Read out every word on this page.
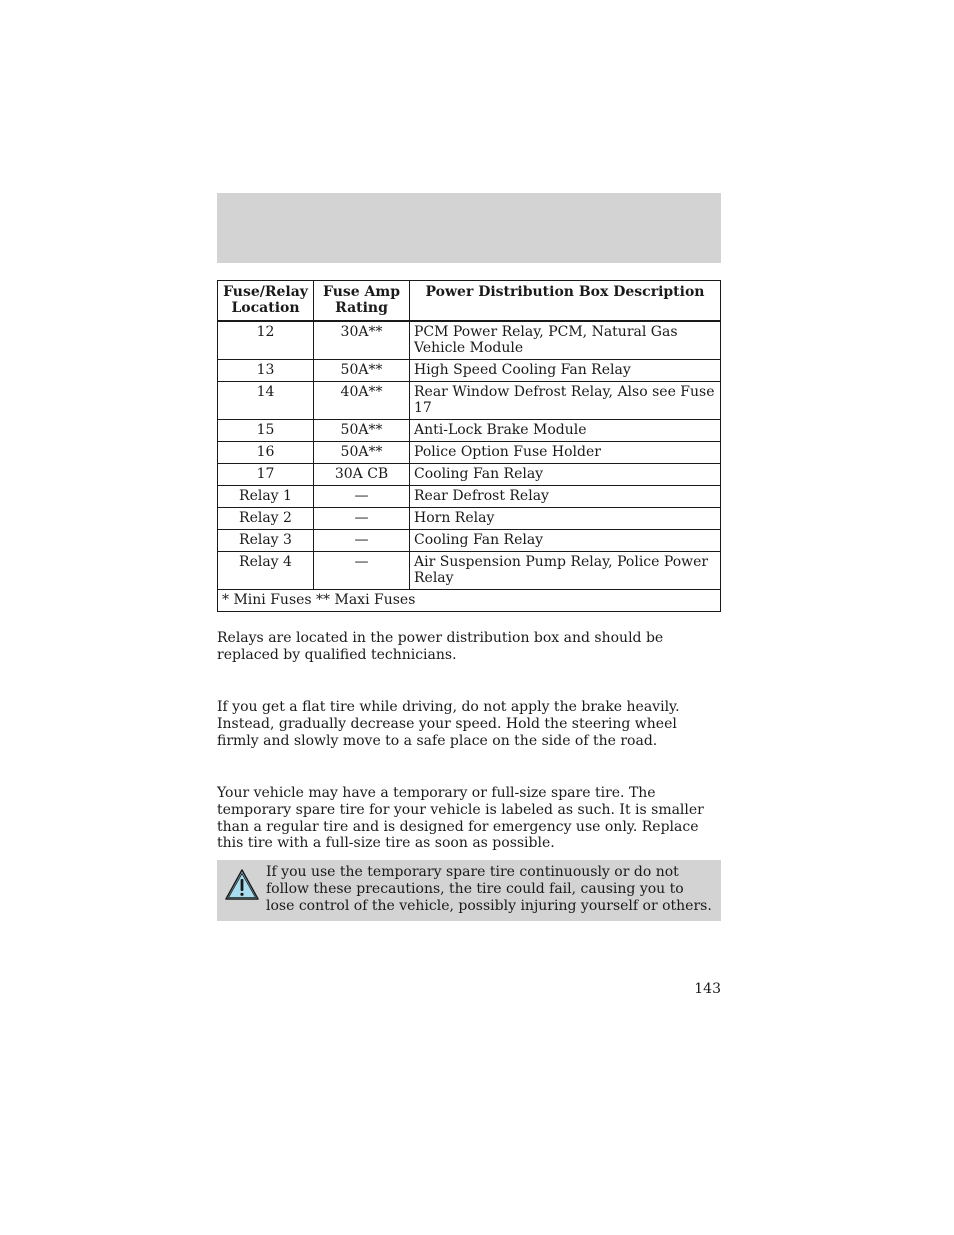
Fuse/Relay Location	Fuse Amp Rating	Power Distribution Box Description
12	30A**	PCM Power Relay, PCM, Natural Gas Vehicle Module
13	50A**	High Speed Cooling Fan Relay
14	40A**	Rear Window Defrost Relay, Also see Fuse 17
15	50A**	Anti-Lock Brake Module
16	50A**	Police Option Fuse Holder
17	30A CB	Cooling Fan Relay
Relay 1	—	Rear Defrost Relay
Relay 2	—	Horn Relay
Relay 3	—	Cooling Fan Relay
Relay 4	—	Air Suspension Pump Relay, Police Power Relay
* Mini Fuses ** Maxi Fuses		

Relays are located in the power distribution box and should be replaced by qualified technicians.

If you get a flat tire while driving, do not apply the brake heavily. Instead, gradually decrease your speed. Hold the steering wheel firmly and slowly move to a safe place on the side of the road.

Your vehicle may have a temporary or full-size spare tire. The temporary spare tire for your vehicle is labeled as such. It is smaller than a regular tire and is designed for emergency use only. Replace this tire with a full-size tire as soon as possible.

If you use the temporary spare tire continuously or do not follow these precautions, the tire could fail, causing you to lose control of the vehicle, possibly injuring yourself or others.
143
